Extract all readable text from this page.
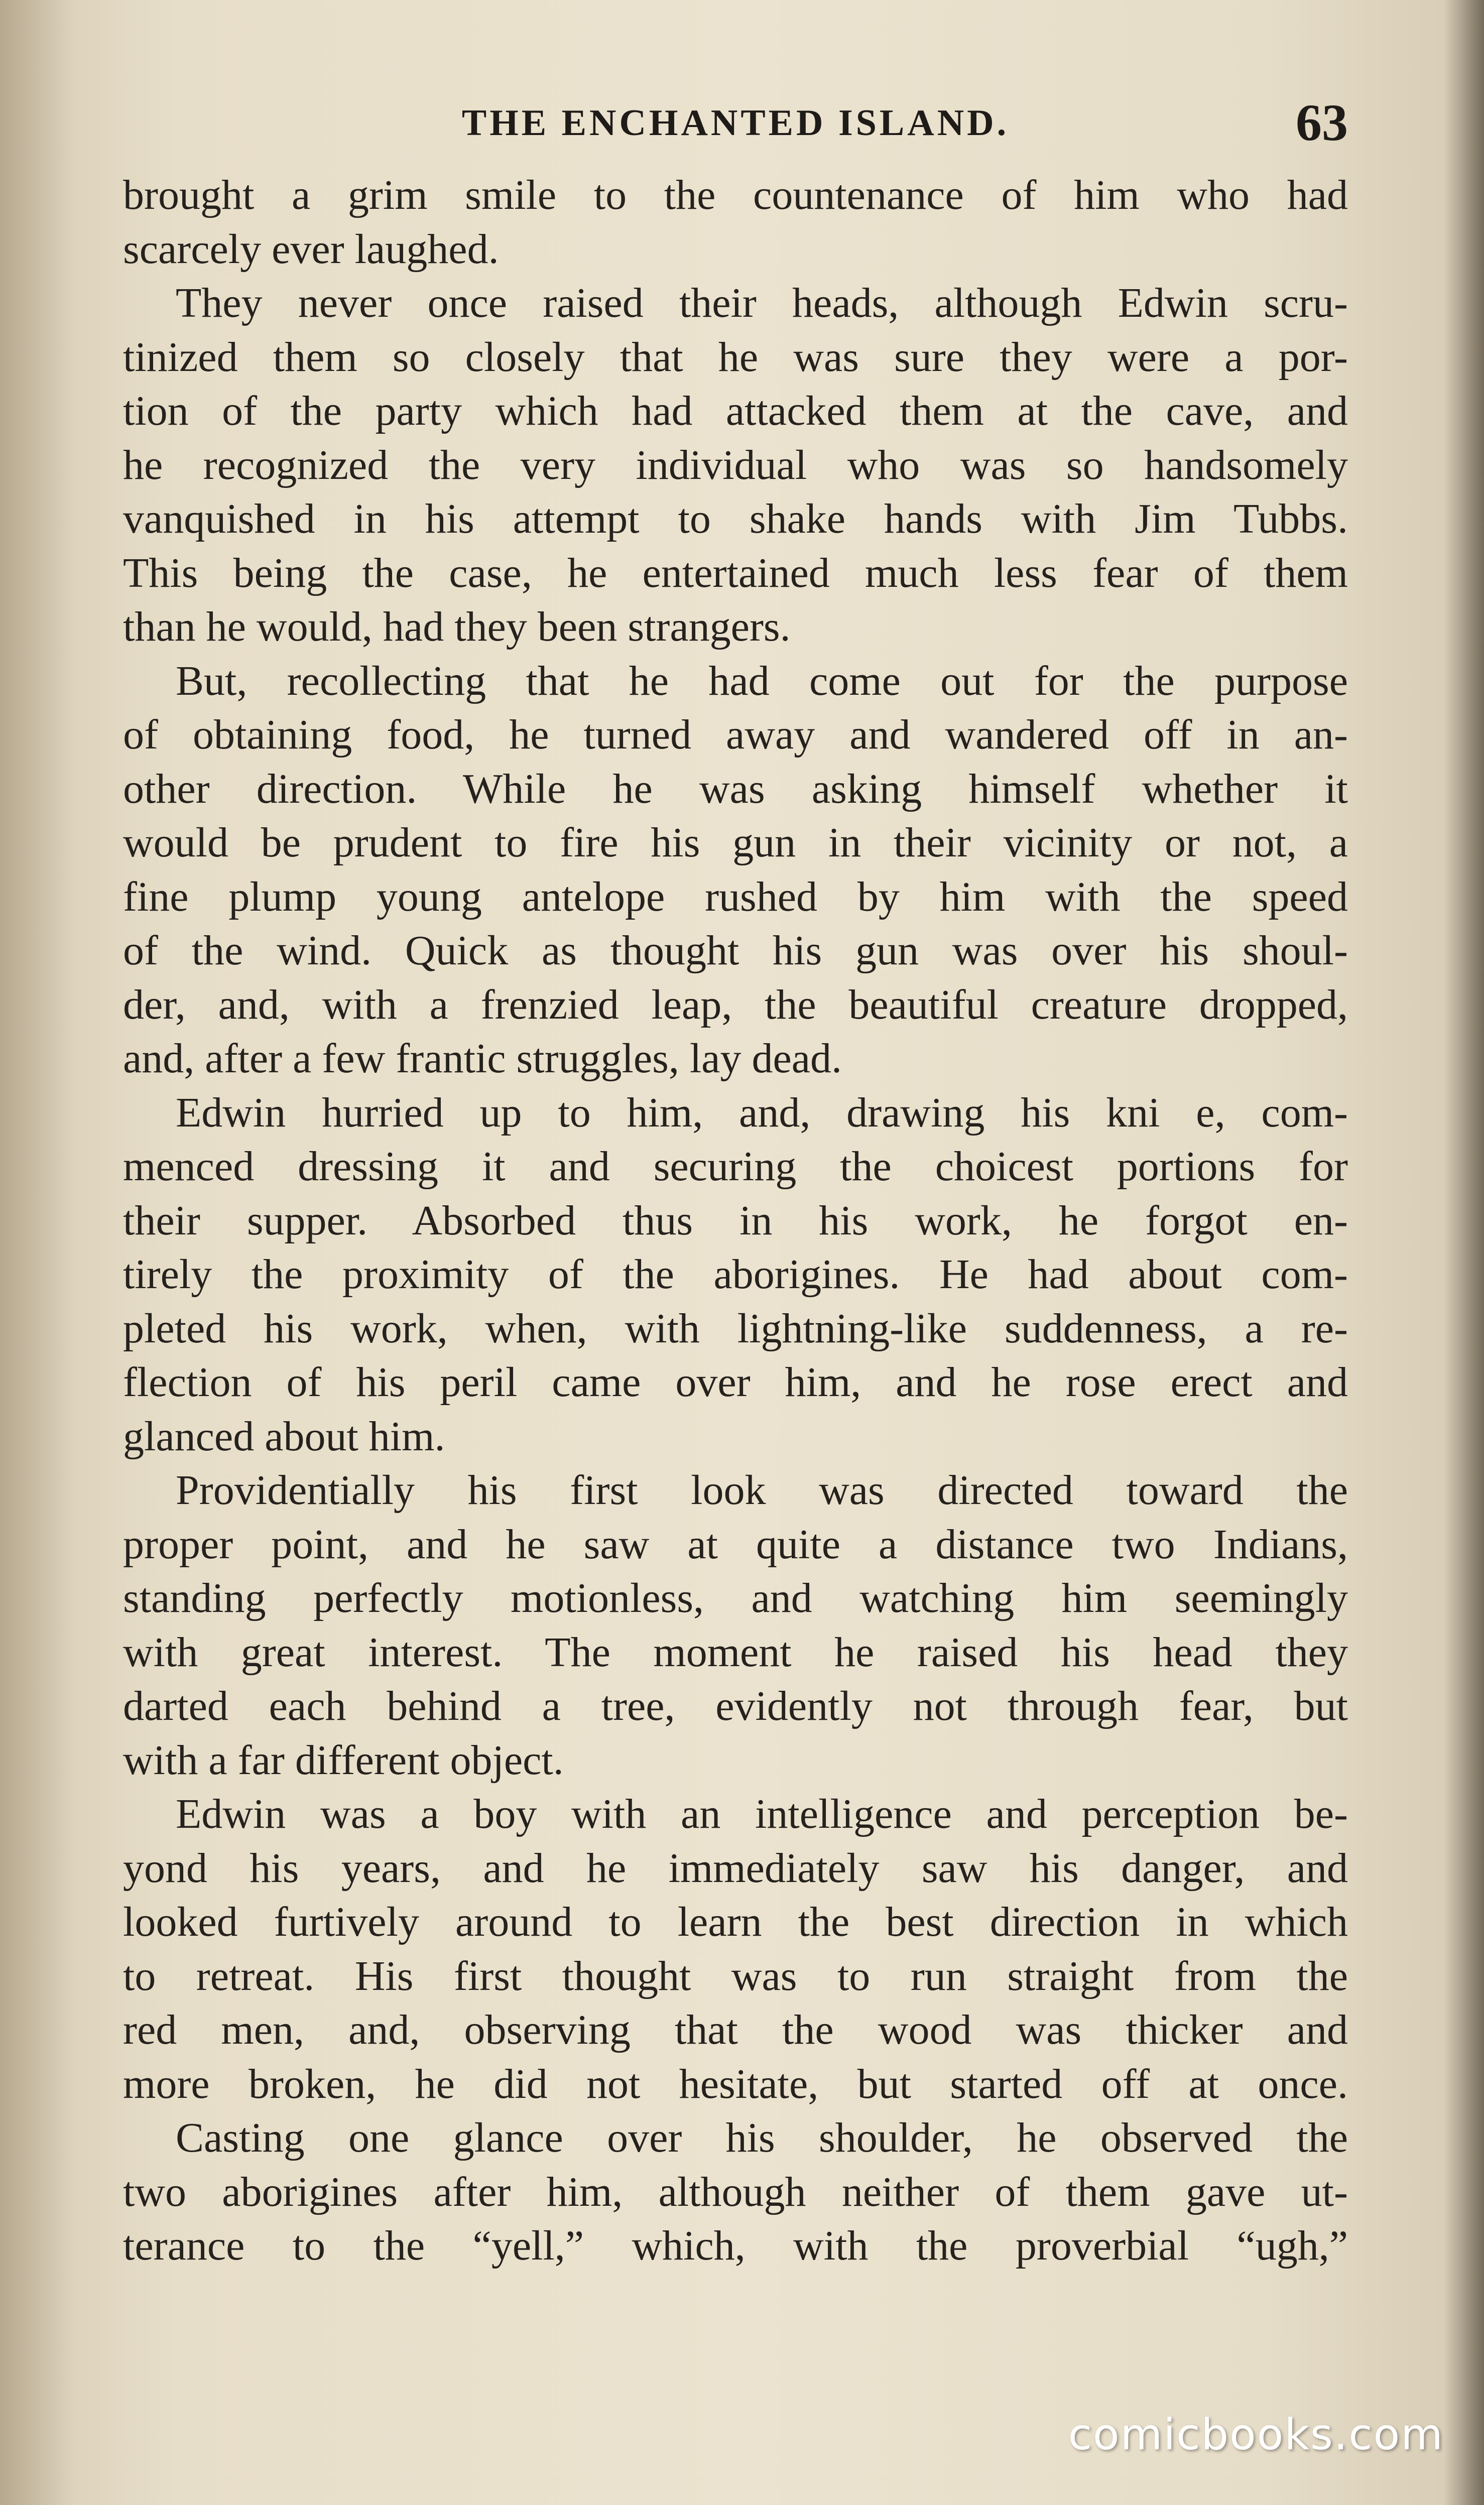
THE ENCHANTED ISLAND.	63
brought a grim smile to the countenance of him who had
scarcely ever laughed.
They never once raised their heads, although Edwin scru-
tinized them so closely that he was sure they were a por-
tion of the party which had attacked them at the cave, and
he recognized the very individual who was so handsomely
vanquished in his attempt to shake hands with Jim Tubbs.
This being the case, he entertained much less fear of them
than he would, had they been strangers.
But, recollecting that he had come out for the purpose
of obtaining food, he turned away and wandered off in an-
other direction. While he was asking himself whether it
would be prudent to fire his gun in their vicinity or not, a
fine plump young antelope rushed by him with the speed
of the wind. Quick as thought his gun was over his shoul-
der, and, with a frenzied leap, the beautiful creature dropped,
and, after a few frantic struggles, lay dead.
Edwin hurried up to him, and, drawing his kni e, com-
menced dressing it and securing the choicest portions for
their supper. Absorbed thus in his work, he forgot en-
tirely the proximity of the aborigines. He had about com-
pleted his work, when, with lightning-like suddenness, a re-
flection of his peril came over him, and he rose erect and
glanced about him.
Providentially his first look was directed toward the
proper point, and he saw at quite a distance two Indians,
standing perfectly motionless, and watching him seemingly
with great interest. The moment he raised his head they
darted each behind a tree, evidently not through fear, but
with a far different object.
Edwin was a boy with an intelligence and perception be-
yond his years, and he immediately saw his danger, and
looked furtively around to learn the best direction in which
to retreat. His first thought was to run straight from the
red men, and, observing that the wood was thicker and
more broken, he did not hesitate, but started off at once.
Casting one glance over his shoulder, he observed the
two aborigines after him, although neither of them gave ut-
terance to the “yell,” which, with the proverbial “ugh,”
comicbooks.com
